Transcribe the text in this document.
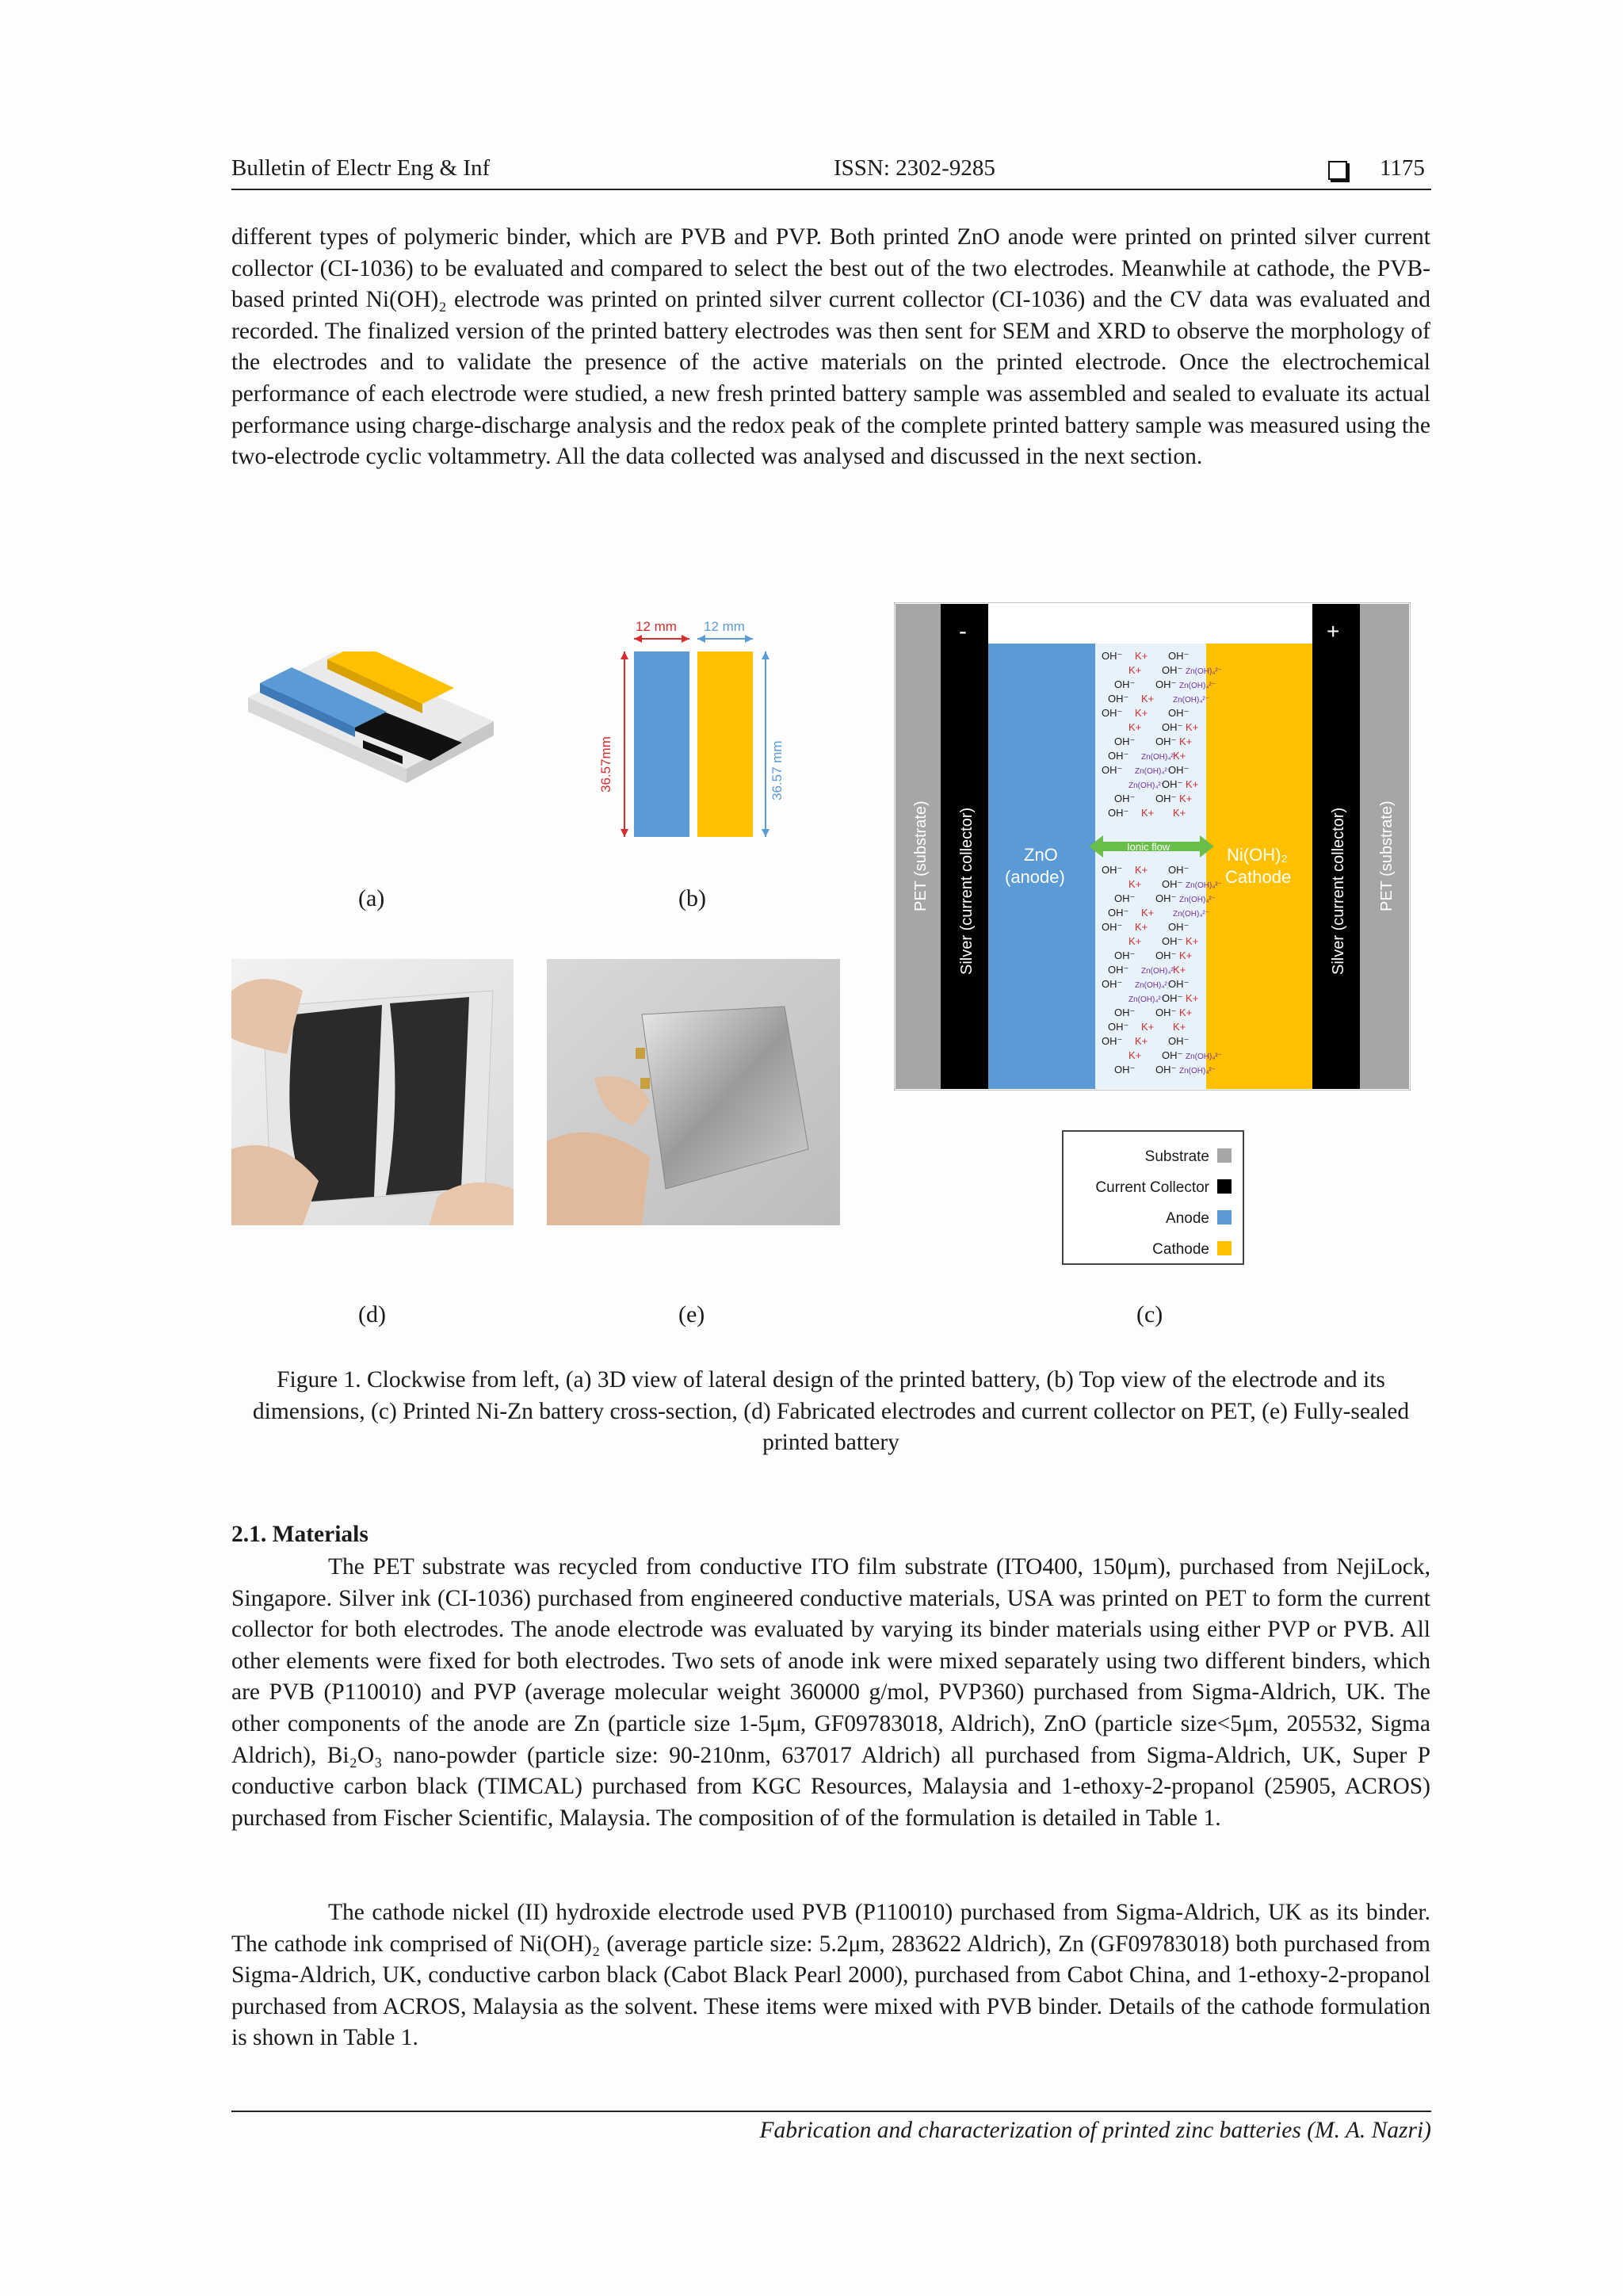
Bulletin of Electr Eng & Inf	ISSN: 2302-9285	1175

different types of polymeric binder, which are PVB and PVP. Both printed ZnO anode were printed on printed silver current collector (CI-1036) to be evaluated and compared to select the best out of the two electrodes. Meanwhile at cathode, the PVB-based printed Ni(OH)₂ electrode was printed on printed silver current collector (CI-1036) and the CV data was evaluated and recorded. The finalized version of the printed battery electrodes was then sent for SEM and XRD to observe the morphology of the electrodes and to validate the presence of the active materials on the printed electrode. Once the electrochemical performance of each electrode were studied, a new fresh printed battery sample was assembled and sealed to evaluate its actual performance using charge-discharge analysis and the redox peak of the complete printed battery sample was measured using the two-electrode cyclic voltammetry. All the data collected was analysed and discussed in the next section.

(a)
12 mm 12 mm
36.57mm	36.57 mm
(b)
-	+
PET (substrate) Silver (current collector)	Silver (current collector) PET (substrate)
ZnO
(anode)
Ni(OH)₂
Cathode
Ionic flow
OH⁻ K+ OH⁻
K+ OH⁻ Zn(OH)₄²⁻
OH⁻ Zn(OH)₄²⁻
OH⁻
Zn(OH)₄²⁻
OH⁻ K+
OH⁻ K+ OH⁻
K+ OH⁻ K+
OH⁻ K+
OH⁻
K+
OH⁻ Zn(OH)₄²⁻
OH⁻ Zn(OH)₄²⁻
OH⁻
Zn(OH)₄²⁻
OH⁻ K+
OH⁻ K+
OH⁻
K+
OH⁻ K+
OH⁻ K+ OH⁻
K+ OH⁻ Zn(OH)₄²⁻
OH⁻ Zn(OH)₄²⁻
OH⁻
Zn(OH)₄²⁻
OH⁻ K+
OH⁻ K+ OH⁻
K+ OH⁻ K+
OH⁻ K+
OH⁻
K+
OH⁻ Zn(OH)₄²⁻
OH⁻ Zn(OH)₄²⁻
OH⁻
Zn(OH)₄²⁻
OH⁻ K+
OH⁻ K+
OH⁻
K+
OH⁻ K+
OH⁻ K+ OH⁻
K+ OH⁻ Zn(OH)₄²⁻
OH⁻ Zn(OH)₄²⁻
OH⁻
(c)
Substrate
Current Collector
Anode
Cathode
(d)	(e)

Figure 1. Clockwise from left, (a) 3D view of lateral design of the printed battery, (b) Top view of the electrode and its dimensions, (c) Printed Ni-Zn battery cross-section, (d) Fabricated electrodes and current collector on PET, (e) Fully-sealed printed battery

2.1. Materials

The PET substrate was recycled from conductive ITO film substrate (ITO400, 150μm), purchased from NejiLock, Singapore. Silver ink (CI-1036) purchased from engineered conductive materials, USA was printed on PET to form the current collector for both electrodes. The anode electrode was evaluated by varying its binder materials using either PVP or PVB. All other elements were fixed for both electrodes. Two sets of anode ink were mixed separately using two different binders, which are PVB (P110010) and PVP (average molecular weight 360000 g/mol, PVP360) purchased from Sigma-Aldrich, UK. The other components of the anode are Zn (particle size 1-5μm, GF09783018, Aldrich), ZnO (particle size<5μm, 205532, Sigma Aldrich), Bi₂O₃ nano-powder (particle size: 90-210nm, 637017 Aldrich) all purchased from Sigma-Aldrich, UK, Super P conductive carbon black (TIMCAL) purchased from KGC Resources, Malaysia and 1-ethoxy-2-propanol (25905, ACROS) purchased from Fischer Scientific, Malaysia. The composition of of the formulation is detailed in Table 1.

The cathode nickel (II) hydroxide electrode used PVB (P110010) purchased from Sigma-Aldrich, UK as its binder. The cathode ink comprised of Ni(OH)₂ (average particle size: 5.2μm, 283622 Aldrich), Zn (GF09783018) both purchased from Sigma-Aldrich, UK, conductive carbon black (Cabot Black Pearl 2000), purchased from Cabot China, and 1-ethoxy-2-propanol purchased from ACROS, Malaysia as the solvent. These items were mixed with PVB binder. Details of the cathode formulation is shown in Table 1.

Fabrication and characterization of printed zinc batteries (M. A. Nazri)
